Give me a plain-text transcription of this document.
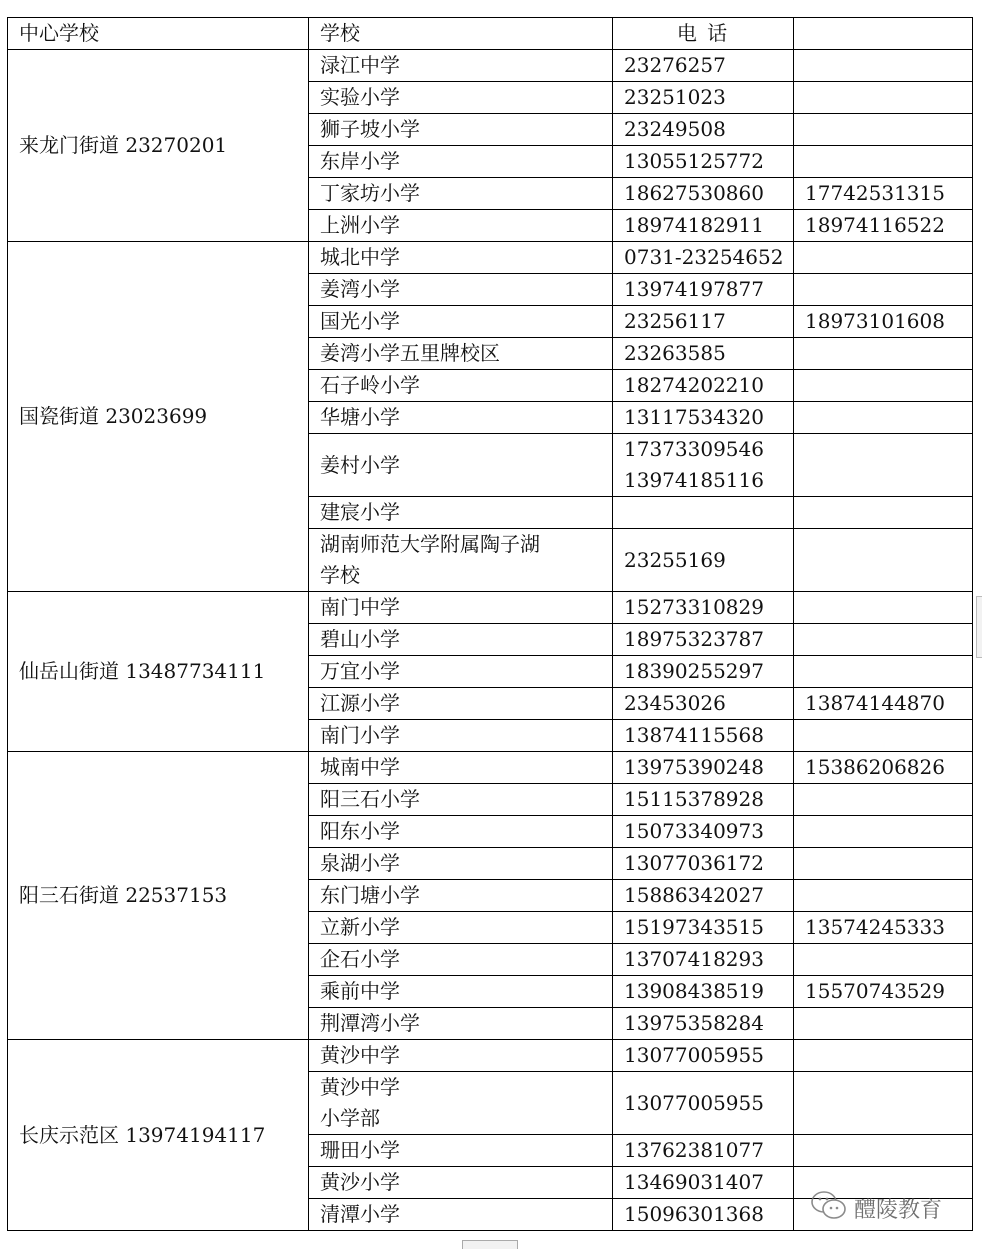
中心学校	学校	电 话	
来龙门街道 23270201	渌江中学	23276257	
	实验小学	23251023	
	狮子坡小学	23249508	
	东岸小学	13055125772	
	丁家坊小学	18627530860	17742531315
	上洲小学	18974182911	18974116522
国瓷街道 23023699	城北中学	0731-23254652	
	姜湾小学	13974197877	
	国光小学	23256117	18973101608
	姜湾小学五里牌校区	23263585	
	石子岭小学	18274202210	
	华塘小学	13117534320	
	姜村小学	17373309546
13974185116	

	建宸小学		

	湖南师范大学附属陶子湖
学校	23255169	
仙岳山街道 13487734111	南门中学	15273310829	
	碧山小学	18975323787	
	万宜小学	18390255297	
	江源小学	23453026	13874144870
	南门小学	13874115568	
阳三石街道 22537153	城南中学	13975390248	15386206826
	阳三石小学	15115378928	
	阳东小学	15073340973	
	泉湖小学	13077036172	
	东门塘小学	15886342027	
	立新小学	15197343515	13574245333
	企石小学	13707418293	
	乘前中学	13908438519	15570743529
	荆潭湾小学	13975358284	
长庆示范区 13974194117	黄沙中学	13077005955	

	黄沙中学
小学部	13077005955	
	珊田小学	13762381077	
	黄沙小学	13469031407	
	清潭小学	15096301368		醴陵教育
